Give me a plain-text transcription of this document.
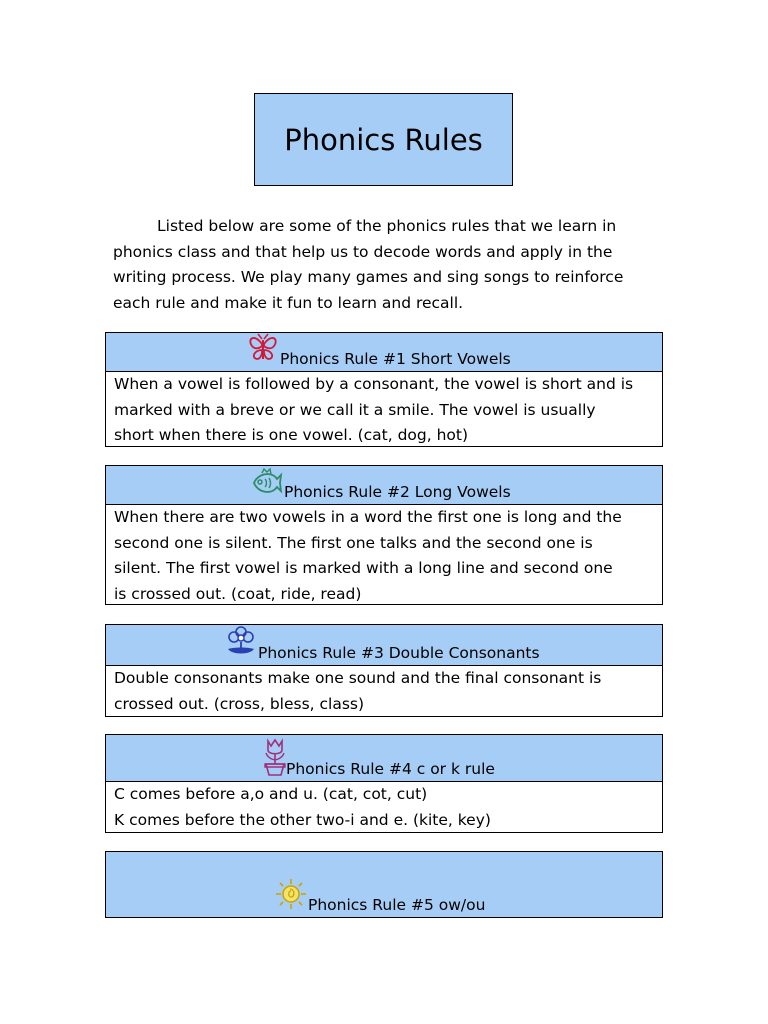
Phonics Rules
Listed below are some of the phonics rules that we learn in phonics class and that help us to decode words and apply in the writing process. We play many games and sing songs to reinforce each rule and make it fun to learn and recall.
Phonics Rule #1 Short Vowels
When a vowel is followed by a consonant, the vowel is short and is
marked with a breve or we call it a smile. The vowel is usually
short when there is one vowel. (cat, dog, hot)
Phonics Rule #2 Long Vowels
When there are two vowels in a word the first one is long and the
second one is silent. The first one talks and the second one is
silent. The first vowel is marked with a long line and second one
is crossed out. (coat, ride, read)
Phonics Rule #3 Double Consonants
Double consonants make one sound and the final consonant is
crossed out. (cross, bless, class)
Phonics Rule #4 c or k rule
C comes before a,o and u. (cat, cot, cut)
K comes before the other two-i and e. (kite, key)
Phonics Rule #5 ow/ou
